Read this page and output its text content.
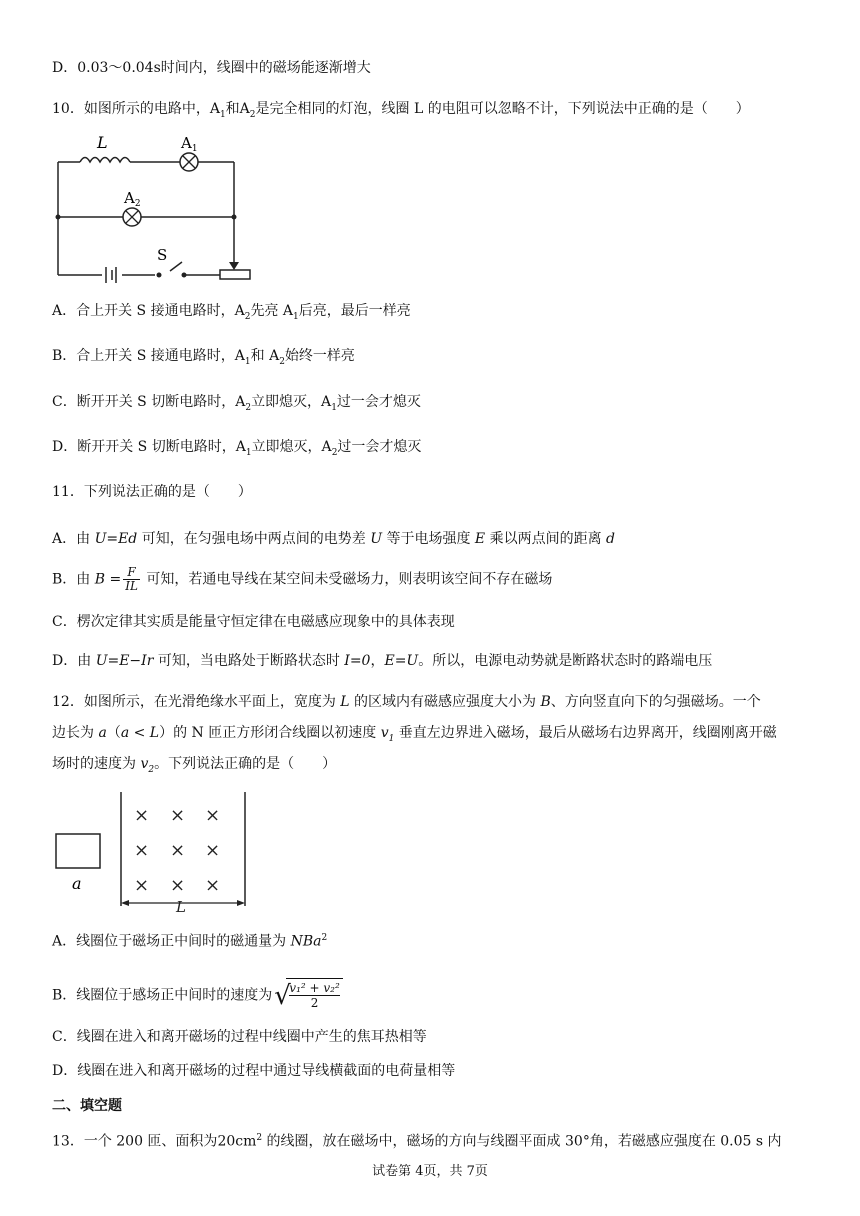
D．0.03～0.04s时间内，线圈中的磁场能逐渐增大
10．如图所示的电路中，$A_1$和$A_2$是完全相同的灯泡，线圈 L 的电阻可以忽略不计，下列说法中正确的是（　　）
L	$A_1$
$A_2$
S
A．合上开关 S 接通电路时，$A_2$先亮 $A_1$后亮，最后一样亮
B．合上开关 S 接通电路时，$A_1$和 $A_2$始终一样亮
C．断开开关 S 切断电路时，$A_2$立即熄灭，$A_1$过一会才熄灭
D．断开开关 S 切断电路时，$A_1$立即熄灭，$A_2$过一会才熄灭
11．下列说法正确的是（　　）
A．由 U=Ed 可知，在匀强电场中两点间的电势差 U 等于电场强度 E 乘以两点间的距离 d
B．由 $B = \frac{F}{IL}$ 可知，若通电导线在某空间未受磁场力，则表明该空间不存在磁场
C．楞次定律其实质是能量守恒定律在电磁感应现象中的具体表现
D．由 U=E−Ir 可知，当电路处于断路状态时 I=0，E=U。所以，电源电动势就是断路状态时的路端电压
12．如图所示，在光滑绝缘水平面上，宽度为 L 的区域内有磁感应强度大小为 B、方向竖直向下的匀强磁场。一个
边长为 a（a < L）的 N 匝正方形闭合线圈以初速度 $v_1$ 垂直左边界进入磁场，最后从磁场右边界离开，线圈刚离开磁
场时的速度为 $v_2$。下列说法正确的是（　　）
a
× × ×
× × ×
× × ×
L
A．线圈位于磁场正中间时的磁通量为 NBa$^2$
B．线圈位于感场正中间时的速度为 √
$\frac{\text{v₁² + v₂²}}{2}$
C．线圈在进入和离开磁场的过程中线圈中产生的焦耳热相等
D．线圈在进入和离开磁场的过程中通过导线横截面的电荷量相等
二、填空题
13．一个 200 匝、面积为$20cm^2$ 的线圈，放在磁场中，磁场的方向与线圈平面成 30°角，若磁感应强度在 0.05 s 内
试卷第 4页，共 7页
